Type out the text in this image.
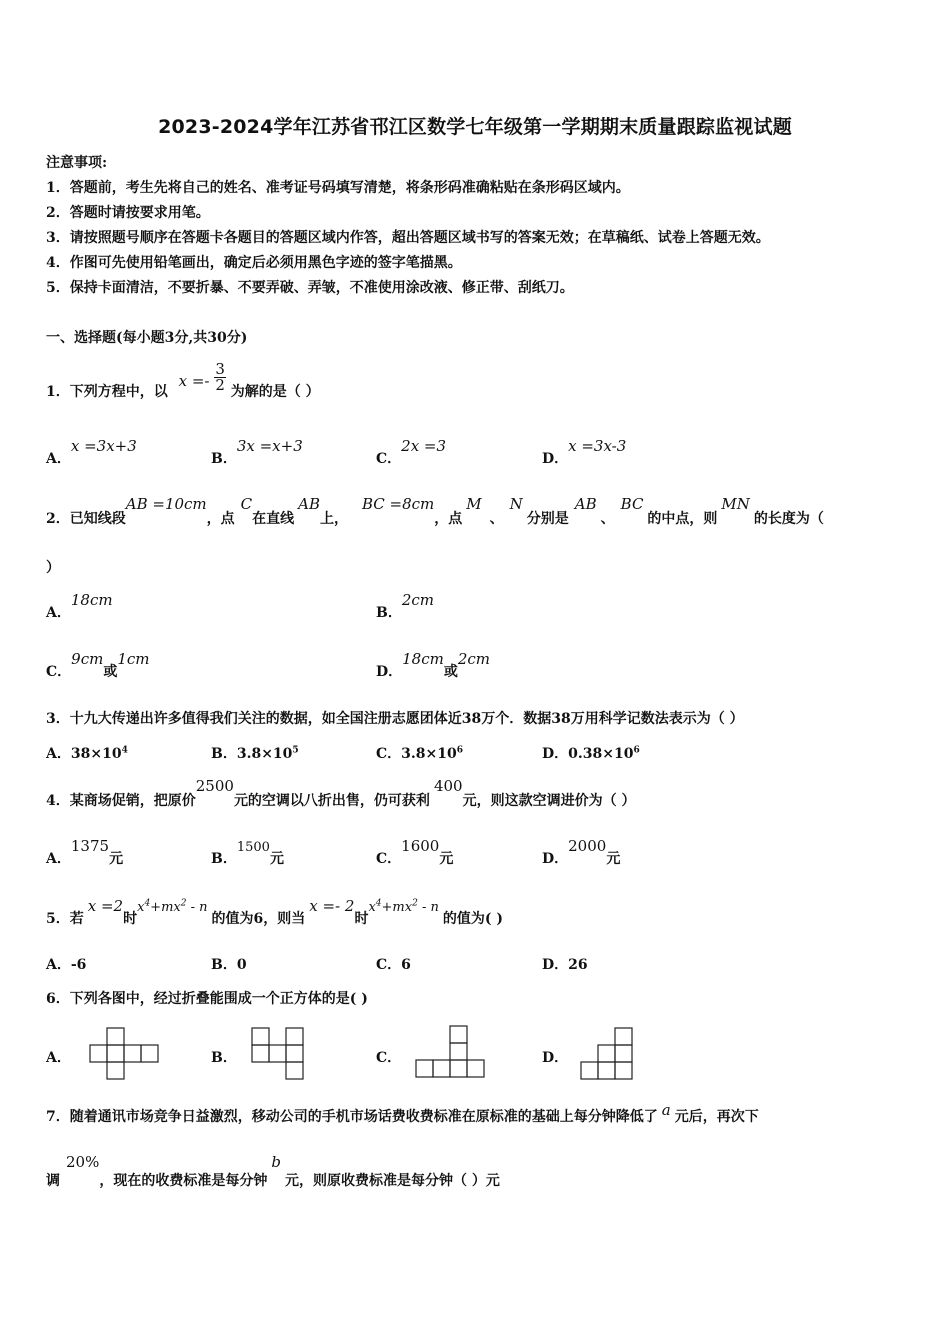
2023-2024学年江苏省邗江区数学七年级第一学期期末质量跟踪监视试题
注意事项:
1．答题前，考生先将自己的姓名、准考证号码填写清楚，将条形码准确粘贴在条形码区域内。
2．答题时请按要求用笔。
3．请按照题号顺序在答题卡各题目的答题区域内作答，超出答题区域书写的答案无效；在草稿纸、试卷上答题无效。
4．作图可先使用铅笔画出，确定后必须用黑色字迹的签字笔描黑。
5．保持卡面清洁，不要折暴、不要弄破、弄皱，不准使用涂改液、修正带、刮纸刀。
一、选择题(每小题3分,共30分)
1．下列方程中，以 $x =- \frac{3}{2}$ 为解的是（ ）
A．x =3x+3
B．3x =x+3
C．2x =3
D．x =3x-3
2．已知线段AB =10cm，点C在直线AB上，BC =8cm，点M、N分别是AB、BC的中点，则MN的长度为（
）
A．18cm
B．2cm
C．9cm或1cm
D．18cm或2cm
3．十九大传递出许多值得我们关注的数据，如全国注册志愿团体近38万个．数据38万用科学记数法表示为（ ）
A．$38\times 10^4$	B．$3.8\times 10^5$	C．$3.8\times 10^6$	D．$0.38\times 10^6$
4．某商场促销，把原价2500元的空调以八折出售，仍可获利400元，则这款空调进价为（ ）
A．1375元	B．1500元	C．1600元	D．2000元
5．若x =2时$x^4+mx^2 - n$的值为6，则当x =- 2时$x^4+mx^2 - n$的值为( )
A．-6	B．0	C．6	D．26
6．下列各图中，经过折叠能围成一个正方体的是( )
A．	B．	C．	D．
7．随着通讯市场竞争日益激烈，移动公司的手机市场话费收费标准在原标准的基础上每分钟降低了 a 元后，再次下
调20%，现在的收费标准是每分钟b元，则原收费标准是每分钟（ ）元
